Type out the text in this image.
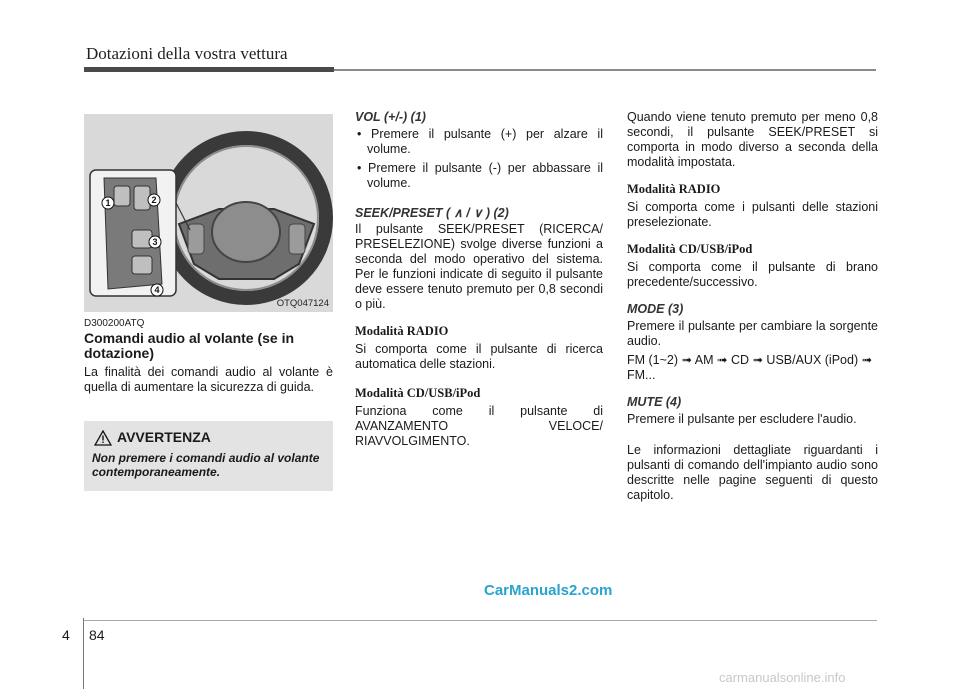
Dotazioni della vostra vettura
1	2
3
4
OTQ047124
D300200ATQ
Comandi audio al volante (se in dotazione)
La finalità dei comandi audio al volante è quella di aumentare la sicurezza di guida.
AVVERTENZA
Non premere i comandi audio al volante contemporaneamente.
VOL (+/-) (1)
• Premere il pulsante (+) per alzare il volume.
• Premere il pulsante (-) per abbassare il volume.
SEEK/PRESET ( ∧ / ∨ ) (2)
Il pulsante SEEK/PRESET (RICERCA/ PRESELEZIONE) svolge diverse funzioni a seconda del modo operativo del sistema. Per le funzioni indicate di seguito il pulsante deve essere tenuto premuto per 0,8 secondi o più.
Modalità RADIO
Si comporta come il pulsante di ricerca automatica delle stazioni.
Modalità CD/USB/iPod
Funziona come il pulsante di AVANZAMENTO VELOCE/ RIAVVOLGIMENTO.
Quando viene tenuto premuto per meno 0,8 secondi, il pulsante SEEK/PRESET si comporta in modo diverso a seconda della modalità impostata.
Modalità RADIO
Si comporta come i pulsanti delle stazioni preselezionate.
Modalità CD/USB/iPod
Si comporta come il pulsante di brano precedente/successivo.
MODE (3)
Premere il pulsante per cambiare la sorgente audio.
FM (1~2) ➟ AM ➟ CD ➟ USB/AUX (iPod) ➟ FM...
MUTE (4)
Premere il pulsante per escludere l'audio.
Le informazioni dettagliate riguardanti i pulsanti di comando dell'impianto audio sono descritte nelle pagine seguenti di questo capitolo.
CarManuals2.com
4 84
carmanualsonline.info
